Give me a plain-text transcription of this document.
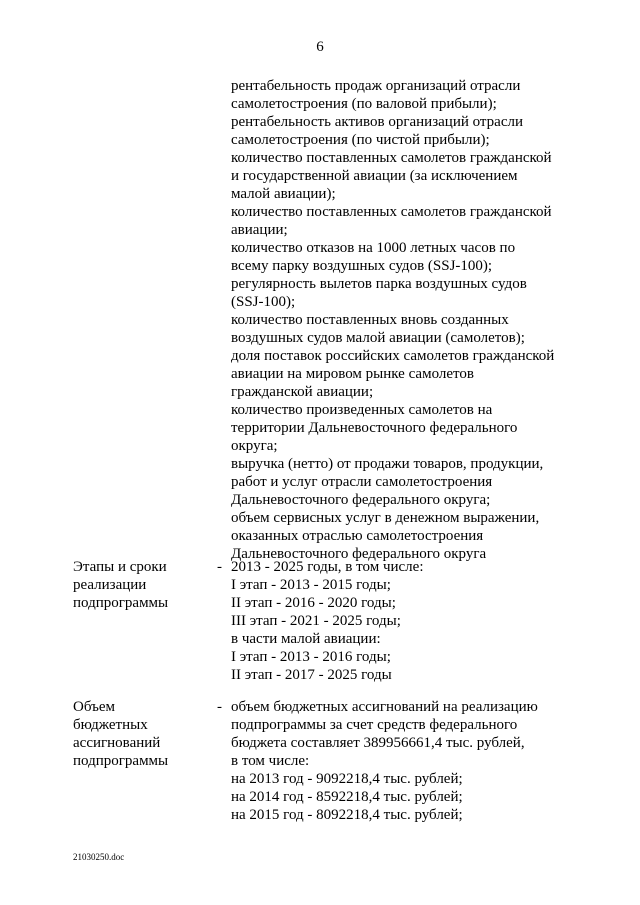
6
рентабельность продаж организаций отрасли
самолетостроения (по валовой прибыли);
рентабельность активов организаций отрасли
самолетостроения (по чистой прибыли);
количество поставленных самолетов гражданской
и государственной авиации (за исключением
малой авиации);
количество поставленных самолетов гражданской
авиации;
количество отказов на 1000 летных часов по
всему парку воздушных судов (SSJ-100);
регулярность вылетов парка воздушных судов
(SSJ-100);
количество поставленных вновь созданных
воздушных судов малой авиации (самолетов);
доля поставок российских самолетов гражданской
авиации на мировом рынке самолетов
гражданской авиации;
количество произведенных самолетов на
территории Дальневосточного федерального
округа;
выручка (нетто) от продажи товаров, продукции,
работ и услуг отрасли самолетостроения
Дальневосточного федерального округа;
объем сервисных услуг в денежном выражении,
оказанных отраслью самолетостроения
Дальневосточного федерального округа
Этапы и сроки
реализации
подпрограммы
- 2013 - 2025 годы, в том числе:
I этап - 2013 - 2015 годы;
II этап - 2016 - 2020 годы;
III этап - 2021 - 2025 годы;
в части малой авиации:
I этап - 2013 - 2016 годы;
II этап - 2017 - 2025 годы
Объем
бюджетных
ассигнований
подпрограммы
- объем бюджетных ассигнований на реализацию
подпрограммы за счет средств федерального
бюджета составляет 389956661,4 тыс. рублей,
в том числе:
на 2013 год - 9092218,4 тыс. рублей;
на 2014 год - 8592218,4 тыс. рублей;
на 2015 год - 8092218,4 тыс. рублей;
21030250.doc
